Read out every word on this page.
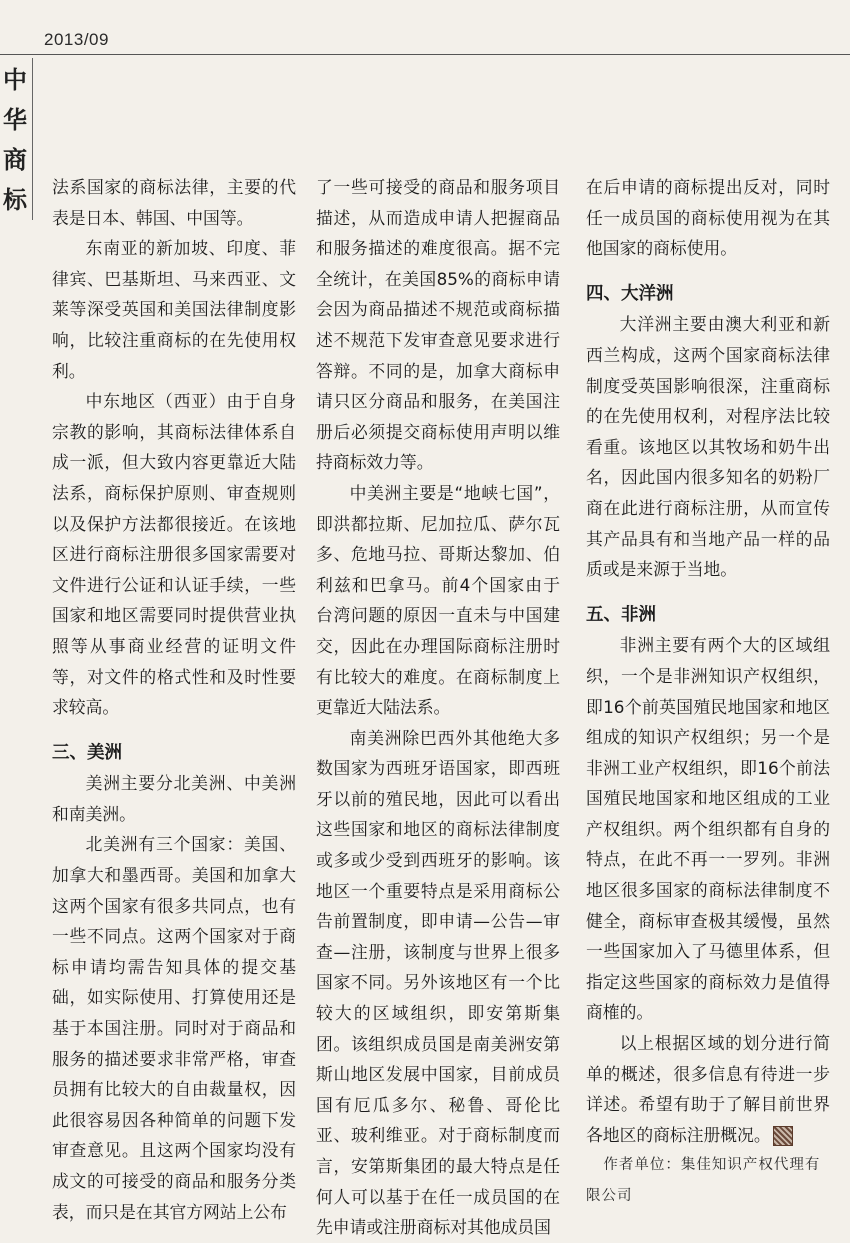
2013/09
中
华
商
标 法系国家的商标法律，主要的代表是日本、韩国、中国等。

东南亚的新加坡、印度、菲律宾、巴基斯坦、马来西亚、文莱等深受英国和美国法律制度影响，比较注重商标的在先使用权利。

中东地区（西亚）由于自身宗教的影响，其商标法律体系自成一派，但大致内容更靠近大陆法系，商标保护原则、审查规则以及保护方法都很接近。在该地区进行商标注册很多国家需要对文件进行公证和认证手续，一些国家和地区需要同时提供营业执照等从事商业经营的证明文件等，对文件的格式性和及时性要求较高。

三、美洲

美洲主要分北美洲、中美洲和南美洲。

北美洲有三个国家：美国、加拿大和墨西哥。美国和加拿大这两个国家有很多共同点，也有一些不同点。这两个国家对于商标申请均需告知具体的提交基础，如实际使用、打算使用还是基于本国注册。同时对于商品和服务的描述要求非常严格，审查员拥有比较大的自由裁量权，因此很容易因各种简单的问题下发审查意见。且这两个国家均没有成文的可接受的商品和服务分类表，而只是在其官方网站上公布

了一些可接受的商品和服务项目描述，从而造成申请人把握商品和服务描述的难度很高。据不完全统计，在美国85%的商标申请会因为商品描述不规范或商标描述不规范下发审查意见要求进行答辩。不同的是，加拿大商标申请只区分商品和服务，在美国注册后必须提交商标使用声明以维持商标效力等。

中美洲主要是“地峡七国”，即洪都拉斯、尼加拉瓜、萨尔瓦多、危地马拉、哥斯达黎加、伯利兹和巴拿马。前4个国家由于台湾问题的原因一直未与中国建交，因此在办理国际商标注册时有比较大的难度。在商标制度上更靠近大陆法系。

南美洲除巴西外其他绝大多数国家为西班牙语国家，即西班牙以前的殖民地，因此可以看出这些国家和地区的商标法律制度或多或少受到西班牙的影响。该地区一个重要特点是采用商标公告前置制度，即申请—公告—审查—注册，该制度与世界上很多国家不同。另外该地区有一个比较大的区域组织，即安第斯集团。该组织成员国是南美洲安第斯山地区发展中国家，目前成员国有厄瓜多尔、秘鲁、哥伦比亚、玻利维亚。对于商标制度而言，安第斯集团的最大特点是任何人可以基于在任一成员国的在先申请或注册商标对其他成员国

在后申请的商标提出反对，同时任一成员国的商标使用视为在其他国家的商标使用。

四、大洋洲

大洋洲主要由澳大利亚和新西兰构成，这两个国家商标法律制度受英国影响很深，注重商标的在先使用权利，对程序法比较看重。该地区以其牧场和奶牛出名，因此国内很多知名的奶粉厂商在此进行商标注册，从而宣传其产品具有和当地产品一样的品质或是来源于当地。

五、非洲

非洲主要有两个大的区域组织，一个是非洲知识产权组织，即16个前英国殖民地国家和地区组成的知识产权组织；另一个是非洲工业产权组织，即16个前法国殖民地国家和地区组成的工业产权组织。两个组织都有自身的特点，在此不再一一罗列。非洲地区很多国家的商标法律制度不健全，商标审查极其缓慢，虽然一些国家加入了马德里体系，但指定这些国家的商标效力是值得商榷的。

以上根据区域的划分进行简单的概述，很多信息有待进一步详述。希望有助于了解目前世界各地区的商标注册概况。

作者单位：集佳知识产权代理有

限公司
